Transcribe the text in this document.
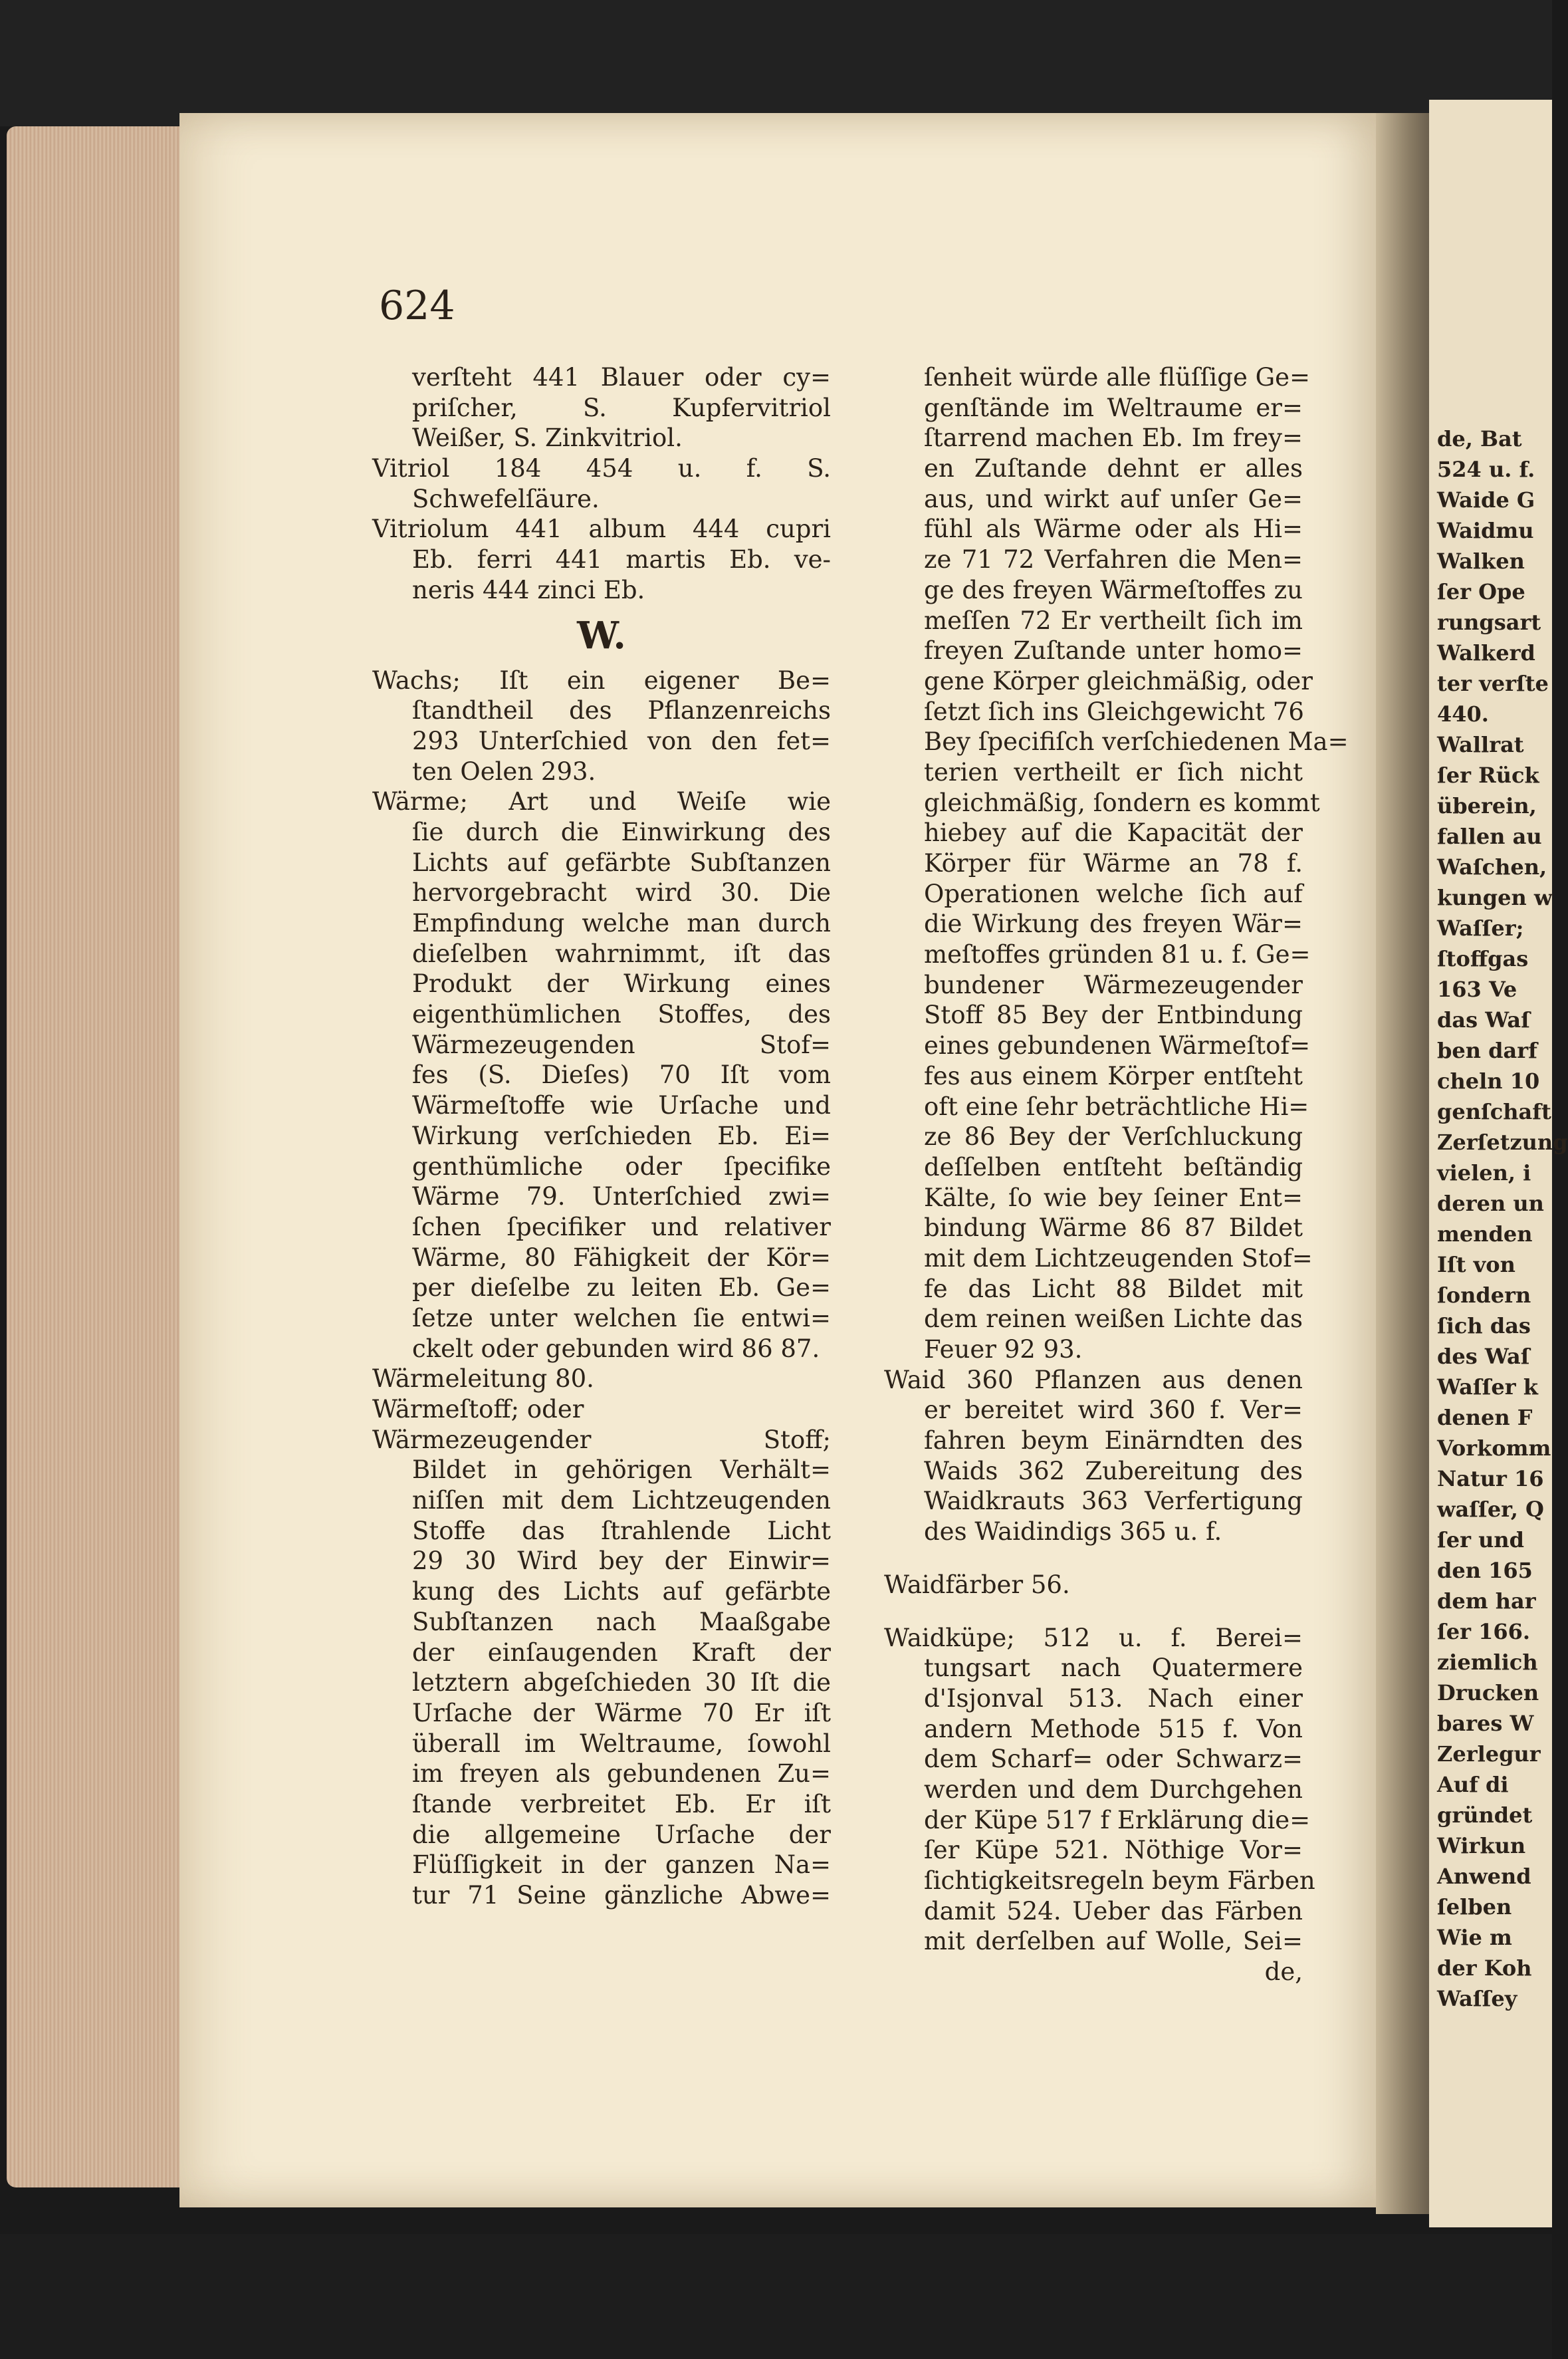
de, Bat
524 u. f.
Waide G
Waidmu
Walken
ſer Ope
rungsart
Walkerd
ter verſte
440.
Wallrat
ſer Rück
überein,
fallen au
Waſchen,
kungen w
Waſſer;
ſtoffgas
163 Ve
das Waſ
ben darf
cheln 10
genſchaft
Zerſetzung
vielen, i
deren un
menden
Iſt von
ſondern
ſich das
des Waſ
Waſſer k
denen F
Vorkomm
Natur 16
waſſer, Q
ſer und
den 165
dem har
ſer 166.
ziemlich
Drucken
bares W
Zerlegur
Auf di
gründet
Wirkun
Anwend
ſelben
Wie m
der Koh
Waſſey
624
verſteht 441 Blauer oder cy=
priſcher, S. Kupfervitriol
Weißer, S. Zinkvitriol.
Vitriol 184 454 u. f. S.
Schwefelſäure.
Vitriolum 441 album 444 cupri
Eb. ferri 441 martis Eb. ve-
neris 444 zinci Eb.
W.
Wachs; Iſt ein eigener Be=
ſtandtheil des Pflanzenreichs
293 Unterſchied von den fet=
ten Oelen 293.
Wärme; Art und Weiſe wie
ſie durch die Einwirkung des
Lichts auf gefärbte Subſtanzen
hervorgebracht wird 30. Die
Empfindung welche man durch
dieſelben wahrnimmt, iſt das
Produkt der Wirkung eines
eigenthümlichen Stoffes, des
Wärmezeugenden Stof=
fes (S. Dieſes) 70 Iſt vom
Wärmeſtoffe wie Urſache und
Wirkung verſchieden Eb. Ei=
genthümliche oder ſpecifike
Wärme 79. Unterſchied zwi=
ſchen ſpecifiker und relativer
Wärme, 80 Fähigkeit der Kör=
per dieſelbe zu leiten Eb. Ge=
ſetze unter welchen ſie entwi=
ckelt oder gebunden wird 86 87.
Wärmeleitung 80.
Wärmeſtoff; oder
Wärmezeugender Stoff;
Bildet in gehörigen Verhält=
niſſen mit dem Lichtzeugenden
Stoffe das ſtrahlende Licht
29 30 Wird bey der Einwir=
kung des Lichts auf gefärbte
Subſtanzen nach Maaßgabe
der einſaugenden Kraft der
letztern abgeſchieden 30 Iſt die
Urſache der Wärme 70 Er iſt
überall im Weltraume, ſowohl
im freyen als gebundenen Zu=
ſtande verbreitet Eb. Er iſt
die allgemeine Urſache der
Flüſſigkeit in der ganzen Na=
tur 71 Seine gänzliche Abwe=
ſenheit würde alle flüſſige Ge=
genſtände im Weltraume er=
ſtarrend machen Eb. Im frey=
en Zuſtande dehnt er alles
aus, und wirkt auf unſer Ge=
fühl als Wärme oder als Hi=
ze 71 72 Verfahren die Men=
ge des freyen Wärmeſtoffes zu
meſſen 72 Er vertheilt ſich im
freyen Zuſtande unter homo=
gene Körper gleichmäßig, oder
ſetzt ſich ins Gleichgewicht 76
Bey ſpecifiſch verſchiedenen Ma=
terien vertheilt er ſich nicht
gleichmäßig, ſondern es kommt
hiebey auf die Kapacität der
Körper für Wärme an 78 f.
Operationen welche ſich auf
die Wirkung des freyen Wär=
meſtoffes gründen 81 u. f. Ge=
bundener Wärmezeugender
Stoff 85 Bey der Entbindung
eines gebundenen Wärmeſtof=
fes aus einem Körper entſteht
oft eine ſehr beträchtliche Hi=
ze 86 Bey der Verſchluckung
deſſelben entſteht beſtändig
Kälte, ſo wie bey ſeiner Ent=
bindung Wärme 86 87 Bildet
mit dem Lichtzeugenden Stof=
fe das Licht 88 Bildet mit
dem reinen weißen Lichte das
Feuer 92 93.
Waid 360 Pflanzen aus denen
er bereitet wird 360 f. Ver=
fahren beym Einärndten des
Waids 362 Zubereitung des
Waidkrauts 363 Verfertigung
des Waidindigs 365 u. f.
Waidfärber 56.
Waidküpe; 512 u. f. Berei=
tungsart nach Quatermere
d'Isjonval 513. Nach einer
andern Methode 515 f. Von
dem Scharf= oder Schwarz=
werden und dem Durchgehen
der Küpe 517 f Erklärung die=
ſer Küpe 521. Nöthige Vor=
ſichtigkeitsregeln beym Färben
damit 524. Ueber das Färben
mit derſelben auf Wolle, Sei=
de,
